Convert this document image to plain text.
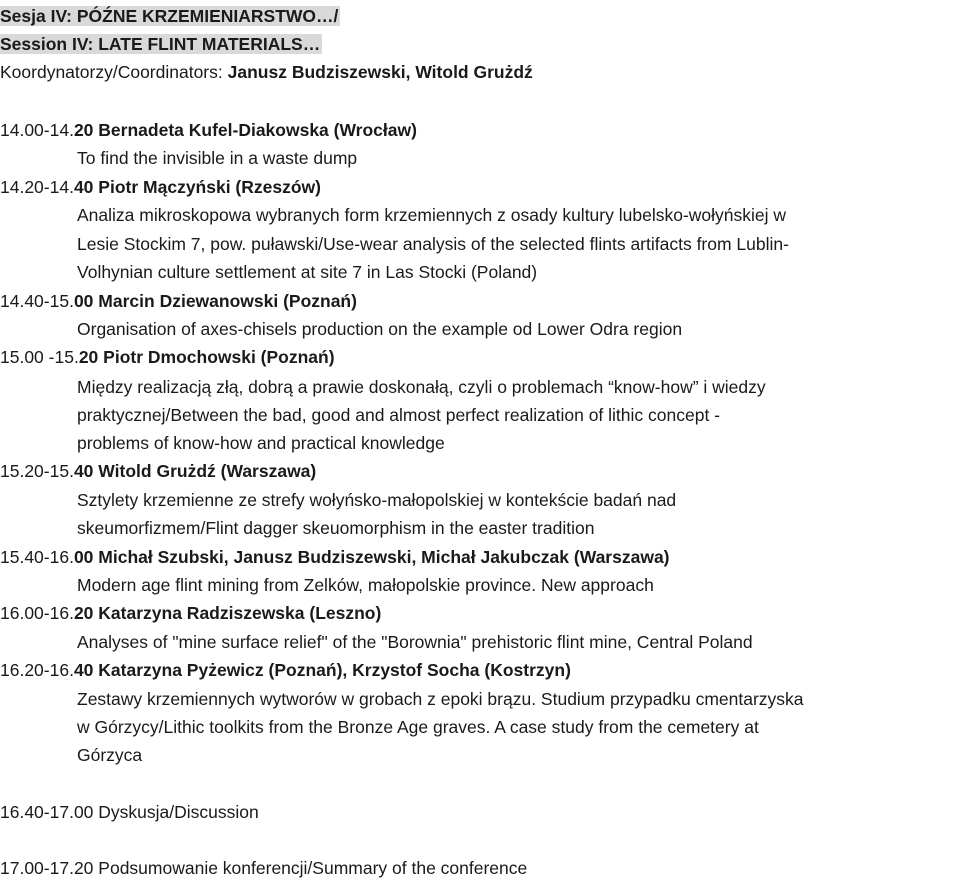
Sesja IV: PÓŹNE KRZEMIENIARSTWO…/
Session IV: LATE FLINT MATERIALS…
Koordynatorzy/Coordinators: Janusz Budziszewski, Witold Grużdź
14.00-14.20 Bernadeta Kufel-Diakowska (Wrocław)
To find the invisible in a waste dump
14.20-14.40 Piotr Mączyński (Rzeszów)
Analiza mikroskopowa wybranych form krzemiennych z osady kultury lubelsko-wołyńskiej w
Lesie Stockim 7, pow. puławski/Use-wear analysis of the selected flints artifacts from Lublin-
Volhynian culture settlement at site 7 in Las Stocki (Poland)
14.40-15.00 Marcin Dziewanowski (Poznań)
Organisation of axes-chisels production on the example od Lower Odra region
15.00 -15.20 Piotr Dmochowski (Poznań)
Między realizacją złą, dobrą a prawie doskonałą, czyli o problemach “know-how” i wiedzy
praktycznej/Between the bad, good and almost perfect realization of lithic concept -
problems of know-how and practical knowledge
15.20-15.40 Witold Grużdź (Warszawa)
Sztylety krzemienne ze strefy wołyńsko-małopolskiej w kontekście badań nad
skeumorfizmem/Flint dagger skeuomorphism in the easter tradition
15.40-16.00 Michał Szubski, Janusz Budziszewski, Michał Jakubczak (Warszawa)
Modern age flint mining from Zelków, małopolskie province. New approach
16.00-16.20 Katarzyna Radziszewska (Leszno)
Analyses of "mine surface relief" of the "Borownia" prehistoric flint mine, Central Poland
16.20-16.40 Katarzyna Pyżewicz (Poznań), Krzystof Socha (Kostrzyn)
Zestawy krzemiennych wytworów w grobach z epoki brązu. Studium przypadku cmentarzyska
w Górzycy/Lithic toolkits from the Bronze Age graves. A case study from the cemetery at
Górzyca
16.40-17.00 Dyskusja/Discussion
17.00-17.20 Podsumowanie konferencji/Summary of the conference
